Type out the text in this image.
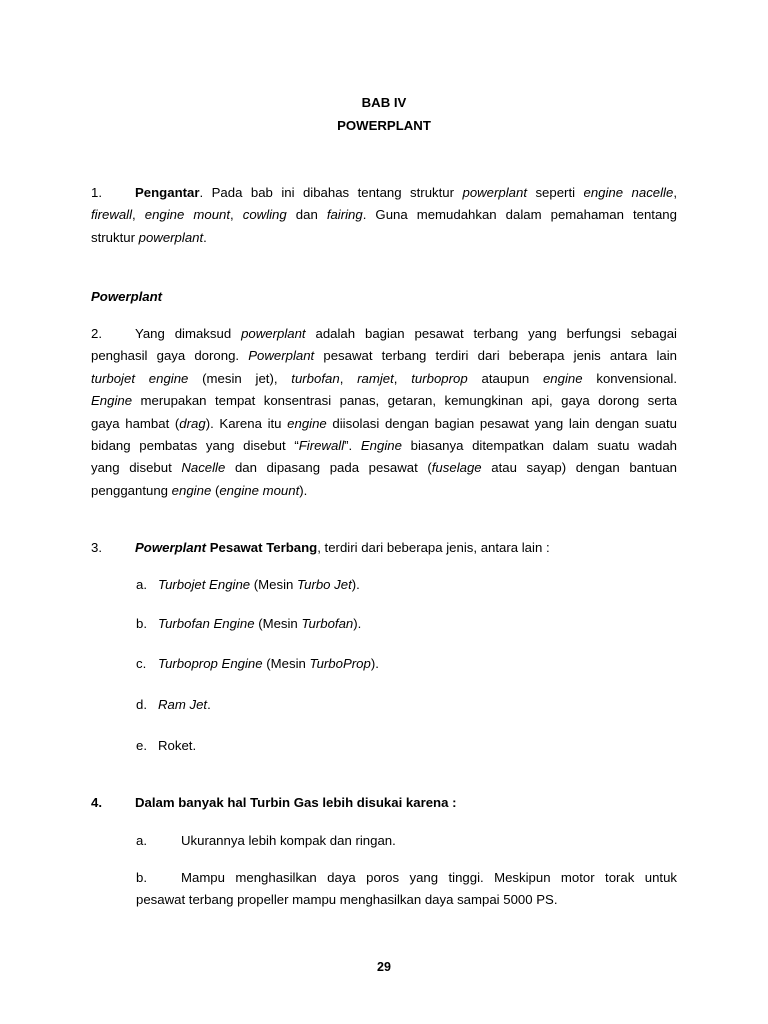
BAB IV
POWERPLANT
1.	Pengantar. Pada bab ini dibahas tentang struktur powerplant seperti engine nacelle,
firewall, engine mount, cowling dan fairing. Guna memudahkan dalam pemahaman tentang
struktur powerplant.
Powerplant
2.	Yang dimaksud powerplant adalah bagian pesawat terbang yang berfungsi sebagai
penghasil gaya dorong. Powerplant pesawat terbang terdiri dari beberapa jenis antara lain
turbojet engine (mesin jet), turbofan, ramjet, turboprop ataupun engine konvensional.
Engine merupakan tempat konsentrasi panas, getaran, kemungkinan api, gaya dorong serta
gaya hambat (drag). Karena itu engine diisolasi dengan bagian pesawat yang lain dengan suatu
bidang pembatas yang disebut “Firewall”. Engine biasanya ditempatkan dalam suatu wadah
yang disebut Nacelle dan dipasang pada pesawat (fuselage atau sayap) dengan bantuan
penggantung engine (engine mount).
3.	Powerplant Pesawat Terbang, terdiri dari beberapa jenis, antara lain :
a. Turbojet Engine (Mesin Turbo Jet).
b. Turbofan Engine (Mesin Turbofan).
c. Turboprop Engine (Mesin TurboProp).
d. Ram Jet.
e. Roket.
4.	Dalam banyak hal Turbin Gas lebih disukai karena :
a.	Ukurannya lebih kompak dan ringan.
b.	Mampu menghasilkan daya poros yang tinggi. Meskipun motor torak untuk
pesawat terbang propeller mampu menghasilkan daya sampai 5000 PS.
29
